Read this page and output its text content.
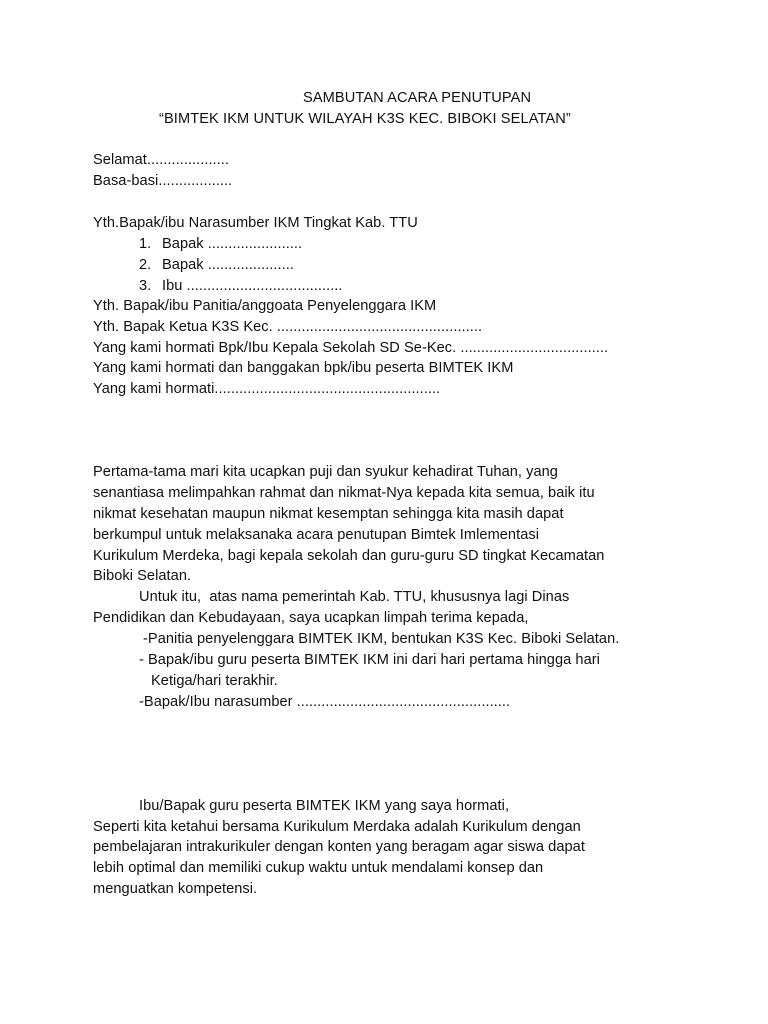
SAMBUTAN ACARA PENUTUPAN
“BIMTEK IKM UNTUK WILAYAH K3S KEC. BIBOKI SELATAN”
Selamat....................
Basa-basi..................
Yth.Bapak/ibu Narasumber IKM Tingkat Kab. TTU
1. Bapak .......................
2. Bapak .....................
3. Ibu ......................................
Yth. Bapak/ibu Panitia/anggoata Penyelenggara IKM
Yth. Bapak Ketua K3S Kec. ..................................................
Yang kami hormati Bpk/Ibu Kepala Sekolah SD Se-Kec. ....................................
Yang kami hormati dan banggakan bpk/ibu peserta BIMTEK IKM
Yang kami hormati.......................................................
Pertama-tama mari kita ucapkan puji dan syukur kehadirat Tuhan, yang
senantiasa melimpahkan rahmat dan nikmat-Nya kepada kita semua, baik itu
nikmat kesehatan maupun nikmat kesemptan sehingga kita masih dapat
berkumpul untuk melaksanaka acara penutupan Bimtek Imlementasi
Kurikulum Merdeka, bagi kepala sekolah dan guru-guru SD tingkat Kecamatan
Biboki Selatan.
Untuk itu,  atas nama pemerintah Kab. TTU, khususnya lagi Dinas
Pendidikan dan Kebudayaan, saya ucapkan limpah terima kepada,
-Panitia penyelenggara BIMTEK IKM, bentukan K3S Kec. Biboki Selatan.
- Bapak/ibu guru peserta BIMTEK IKM ini dari hari pertama hingga hari
Ketiga/hari terakhir.
-Bapak/Ibu narasumber ....................................................
Ibu/Bapak guru peserta BIMTEK IKM yang saya hormati,
Seperti kita ketahui bersama Kurikulum Merdaka adalah Kurikulum dengan
pembelajaran intrakurikuler dengan konten yang beragam agar siswa dapat
lebih optimal dan memiliki cukup waktu untuk mendalami konsep dan
menguatkan kompetensi.
